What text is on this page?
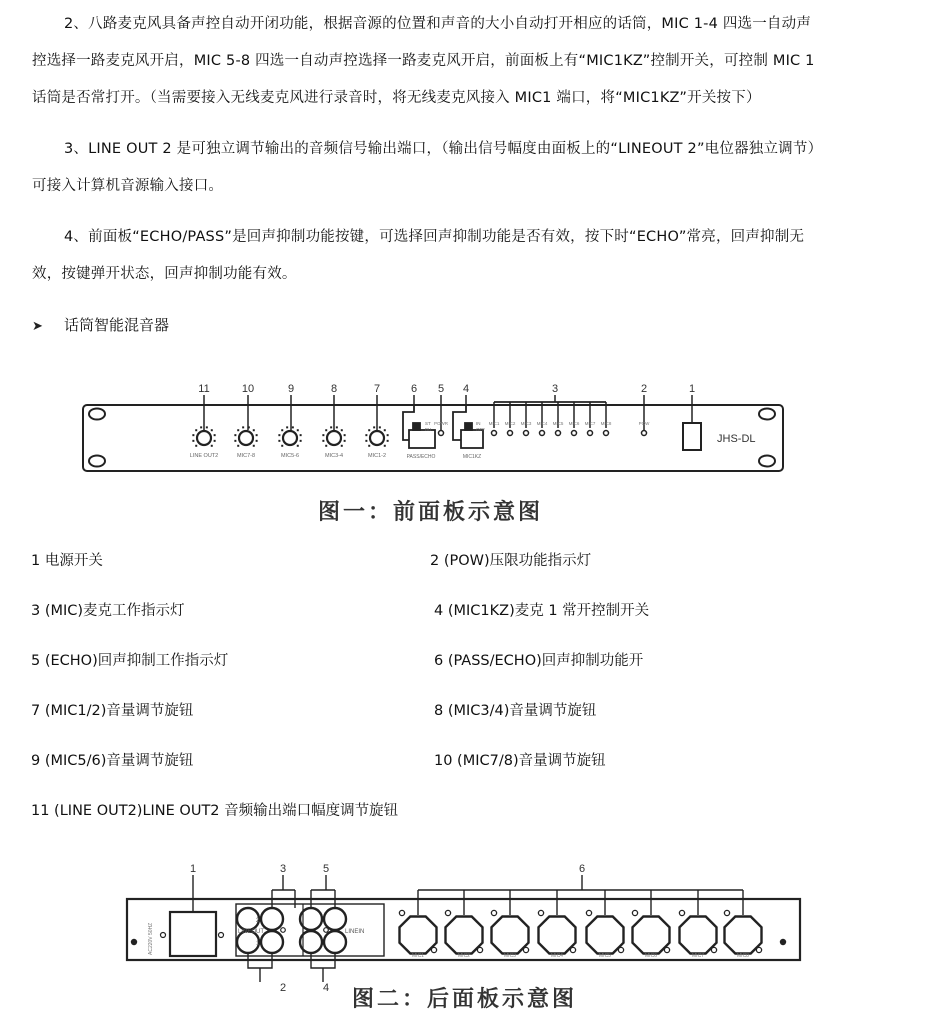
2、八路麦克风具备声控自动开闭功能，根据音源的位置和声音的大小自动打开相应的话筒，MIC 1-4 四选一自动声
控选择一路麦克风开启，MIC 5-8 四选一自动声控选择一路麦克风开启，前面板上有“MIC1KZ”控制开关，可控制 MIC 1
话筒是否常打开。（当需要接入无线麦克风进行录音时，将无线麦克风接入 MIC1 端口，将“MIC1KZ”开关按下）
3、LINE OUT 2 是可独立调节输出的音频信号输出端口，（输出信号幅度由面板上的“LINEOUT 2”电位器独立调节）
可接入计算机音源输入接口。
4、前面板“ECHO/PASS”是回声抑制功能按键，可选择回声抑制功能是否有效，按下时“ECHO”常亮，回声抑制无
效，按键弹开状态，回声抑制功能有效。
➤ 话筒智能混音器
LINE OUT2	MIC7-8	MIC5-6	MIC3-4	MIC1-2
11	10	9	8	7	6 5 4	3	2	1
POWR	MIC1 MIC2 MIC3 MIC4 MIC5 MIC6 MIC7 MIC8	POW
PASS/ECHO	MIC1KZ
ST
BU
IN
OFF
JHS-DL
图一：前面板示意图
1 电源开关	2 (POW)压限功能指示灯
3 (MIC)麦克工作指示灯	4 (MIC1KZ)麦克 1 常开控制开关
5 (ECHO)回声抑制工作指示灯	6 (PASS/ECHO)回声抑制功能开
7 (MIC1/2)音量调节旋钮	8 (MIC3/4)音量调节旋钮
9 (MIC5/6)音量调节旋钮	10 (MIC7/8)音量调节旋钮
11 (LINE OUT2)LINE OUT2 音频输出端口幅度调节旋钮
MIC1	MIC2	MIC3	MIC4	MIC5	MIC6	MIC7	MIC8
1	3	5	6
2	4
LINEOUT	LINEIN
2
1
AC220V 50HZ
图二：后面板示意图
